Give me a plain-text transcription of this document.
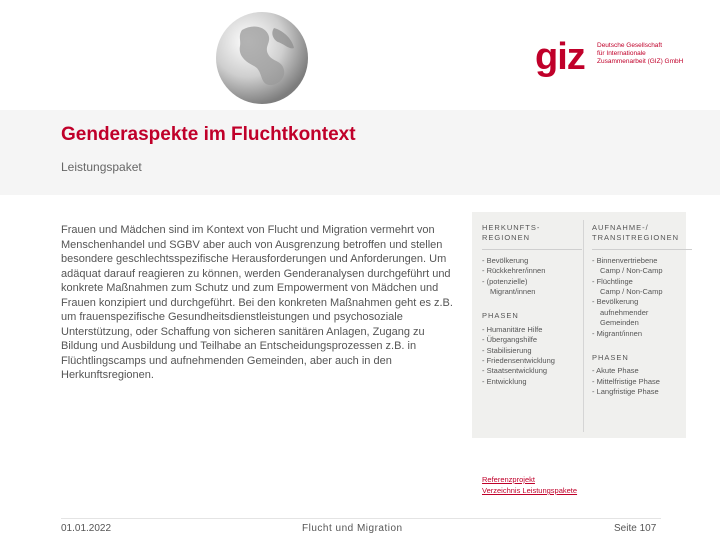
giz Deutsche Gesellschaft
für Internationale
Zusammenarbeit (GIZ) GmbH
Genderaspekte im Fluchtkontext
Leistungspaket
Frauen und Mädchen sind im Kontext von Flucht und Migration vermehrt von Menschenhandel und SGBV aber auch von Ausgrenzung betroffen und stellen besondere geschlechtsspezifische Herausforderungen und Anforderungen. Um adäquat darauf reagieren zu können, werden Genderanalysen durchgeführt und konkrete Maßnahmen zum Schutz und zum Empowerment von Mädchen und Frauen konzipiert und durchgeführt. Bei den konkreten Maßnahmen geht es z.B. um frauenspezifische Gesundheitsdienstleistungen und psychosoziale Unterstützung, oder Schaffung von sicheren sanitären Anlagen, Zugang zu Bildung und Ausbildung und Teilhabe an Entscheidungsprozessen z.B. in Flüchtlingscamps und aufnehmenden Gemeinden, aber auch in den Herkunftsregionen.
HERKUNFTS-
REGIONEN
- Bevölkerung
- Rückkehrer/innen
- (potenzielle)
Migrant/innen
PHASEN
- Humanitäre Hilfe
- Übergangshilfe
- Stabilisierung
- Friedensentwicklung
- Staatsentwicklung
- Entwicklung
AUFNAHME-/
TRANSITREGIONEN
- Binnenvertriebene
Camp / Non-Camp
- Flüchtlinge
Camp / Non-Camp
- Bevölkerung
aufnehmender
Gemeinden
- Migrant/innen
PHASEN
- Akute Phase
- Mittelfristige Phase
- Langfristige Phase
Referenzprojekt
Verzeichnis Leistungspakete
01.01.2022	Flucht und Migration	Seite 107
